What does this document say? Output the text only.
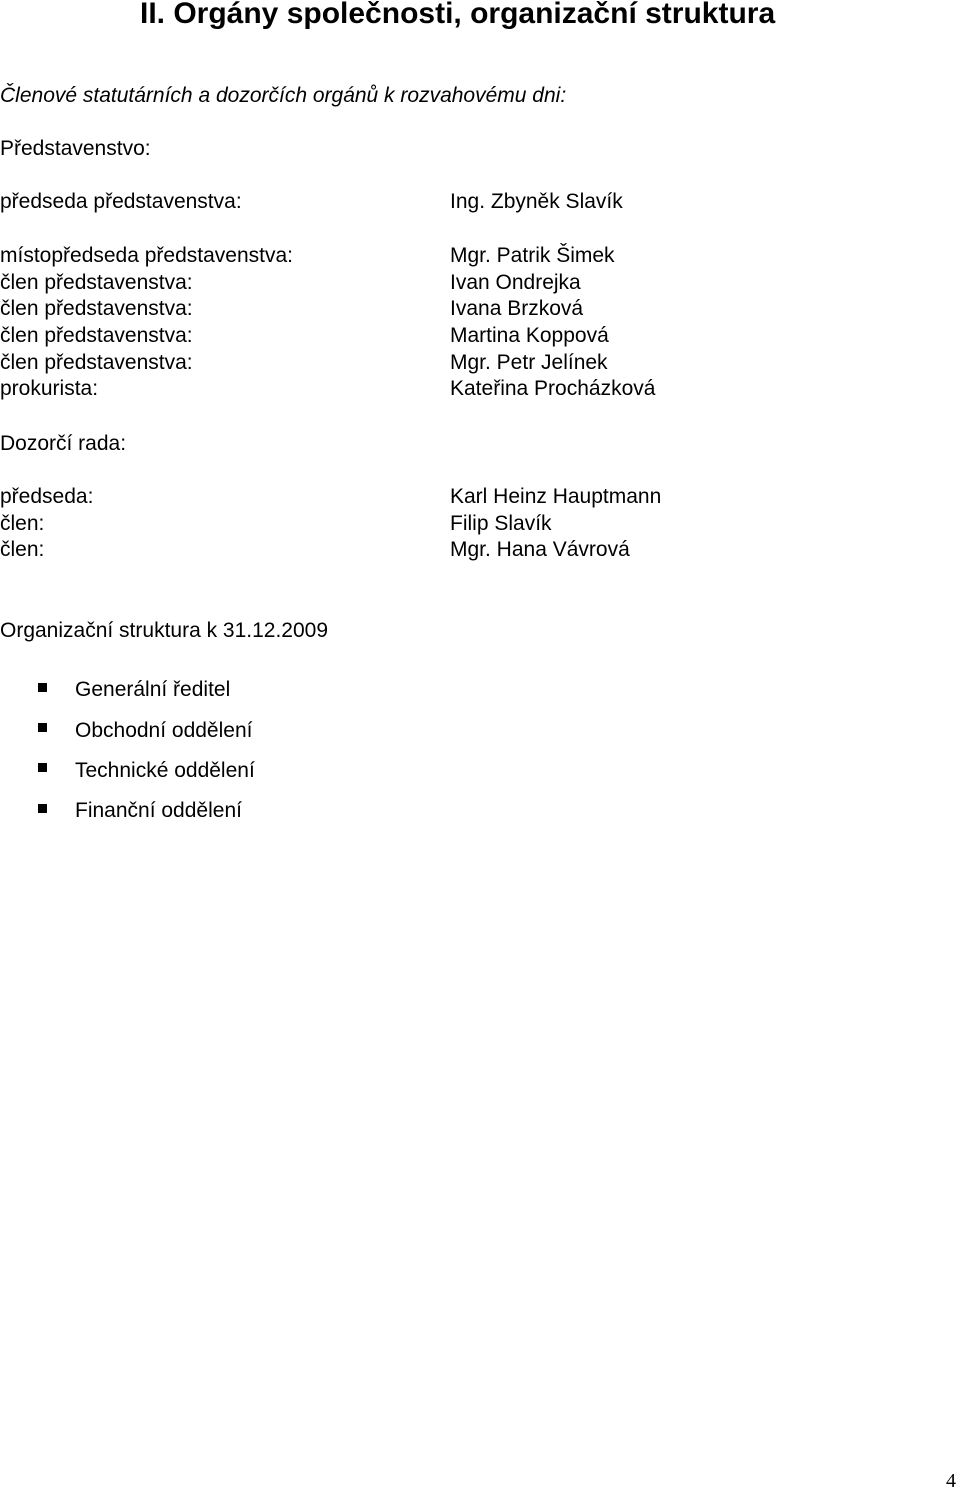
II. Orgány společnosti, organizační struktura
Členové statutárních a dozorčích orgánů k rozvahovému dni:
Představenstvo:
předseda představenstva:	Ing. Zbyněk Slavík
místopředseda představenstva:
člen představenstva:
člen představenstva:
člen představenstva:
člen představenstva:
prokurista:
Mgr. Patrik Šimek
Ivan Ondrejka
Ivana Brzková
Martina Koppová
Mgr. Petr Jelínek
Kateřina Procházková
Dozorčí rada:
předseda:
člen:
člen:
Karl Heinz Hauptmann
Filip Slavík
Mgr. Hana Vávrová
Organizační struktura k 31.12.2009
Generální ředitel
Obchodní oddělení
Technické oddělení
Finanční oddělení
4
